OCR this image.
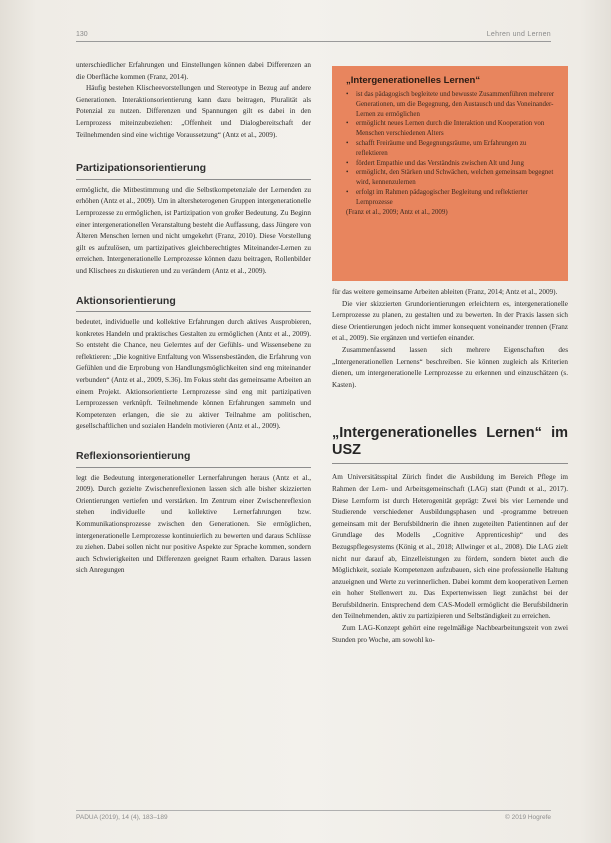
130	Lehren und Lernen

unterschiedlicher Erfahrungen und Einstellungen können dabei Differenzen an die Oberfläche kommen (Franz, 2014).

Häufig bestehen Klischeevorstellungen und Stereotype in Bezug auf andere Generationen. Interaktionsorientierung kann dazu beitragen, Pluralität als Potenzial zu nutzen. Differenzen und Spannungen gilt es dabei in den Lernprozess miteinzubeziehen: „Offenheit und Dialogbereitschaft der Teilnehmenden sind eine wichtige Voraussetzung“ (Antz et al., 2009).

Partizipationsorientierung

ermöglicht, die Mitbestimmung und die Selbstkompetenziale der Lernenden zu erhöhen (Antz et al., 2009). Um in altersheterogenen Gruppen intergenerationelle Lernprozesse zu ermöglichen, ist Partizipation von großer Bedeutung. Zu Beginn einer intergenerationellen Veranstaltung besteht die Auffassung, dass Jüngere von Älteren Menschen lernen und nicht umgekehrt (Franz, 2010). Diese Vorstellung gilt es aufzulösen, um partizipatives gleichberechtigtes Miteinander-Lernen zu erreichen. Intergenerationelle Lernprozesse können dazu beitragen, Rollenbilder und Klischees zu diskutieren und zu verändern (Antz et al., 2009).

Aktionsorientierung

bedeutet, individuelle und kollektive Erfahrungen durch aktives Ausprobieren, konkretes Handeln und praktisches Gestalten zu ermöglichen (Antz et al., 2009). So entsteht die Chance, neu Gelerntes auf der Gefühls- und Wissensebene zu reflektieren: „Die kognitive Entfaltung von Wissensbeständen, die Erfahrung von Gefühlen und die Erprobung von Handlungsmöglichkeiten sind eng miteinander verbunden“ (Antz et al., 2009, S.36). Im Fokus steht das gemeinsame Arbeiten an einem Projekt. Aktionsorientierte Lernprozesse sind eng mit partizipativen Lernprozessen verknüpft. Teilnehmende können Erfahrungen sammeln und Kompetenzen erlangen, die sie zu aktiver Teilnahme am politischen, gesellschaftlichen und sozialen Handeln motivieren (Antz et al., 2009).

Reflexionsorientierung

legt die Bedeutung intergenerationeller Lernerfahrungen heraus (Antz et al., 2009). Durch gezielte Zwischenreflexionen lassen sich alle bisher skizzierten Orientierungen vertiefen und verstärken. Im Zentrum einer Zwischenreflexion stehen individuelle und kollektive Lernerfahrungen bzw. Kommunikationsprozesse zwischen den Generationen. Sie ermöglichen, intergenerationelle Lernprozesse kontinuierlich zu bewerten und daraus Schlüsse zu ziehen. Dabei sollen nicht nur positive Aspekte zur Sprache kommen, sondern auch Schwierigkeiten und Differenzen geeignet Raum erhalten. Daraus lassen sich Anregungen

„Intergenerationelles Lernen“
• ist das pädagogisch begleitete und bewusste Zusammenführen mehrerer Generationen, um die Begegnung, den Austausch und das Voneinander-Lernen zu ermöglichen
• ermöglicht neues Lernen durch die Interaktion und Kooperation von Menschen verschiedenen Alters
• schafft Freiräume und Begegnungsräume, um Erfahrungen zu reflektieren
• fördert Empathie und das Verständnis zwischen Alt und Jung
• ermöglicht, den Stärken und Schwächen, welchen gemeinsam begegnet wird, kennenzulernen
• erfolgt im Rahmen pädagogischer Begleitung und reflektierter Lernprozesse
(Franz et al., 2009; Antz et al., 2009)

für das weitere gemeinsame Arbeiten ableiten (Franz, 2014; Antz et al., 2009).

Die vier skizzierten Grundorientierungen erleichtern es, intergenerationelle Lernprozesse zu planen, zu gestalten und zu bewerten. In der Praxis lassen sich diese Orientierungen jedoch nicht immer konsequent voneinander trennen (Franz et al., 2009). Sie ergänzen und vertiefen einander.

Zusammenfassend lassen sich mehrere Eigenschaften des „Intergenerationellen Lernens“ beschreiben. Sie können zugleich als Kriterien dienen, um intergenerationelle Lernprozesse zu erkennen und einzuschätzen (s. Kasten).

„Intergenerationelles Lernen“ im USZ

Am Universitätsspital Zürich findet die Ausbildung im Bereich Pflege im Rahmen der Lern- und Arbeitsgemeinschaft (LAG) statt (Pundt et al., 2017). Diese Lernform ist durch Heterogenität geprägt: Zwei bis vier Lernende und Studierende verschiedener Ausbildungsphasen und -programme betreuen gemeinsam mit der Berufsbildnerin die ihnen zugeteilten Patientinnen auf der Grundlage des Modells „Cognitive Apprenticeship“ und des Bezugspflegesystems (König et al., 2018; Allwinger et al., 2008). Die LAG zielt nicht nur darauf ab, Einzelleistungen zu fördern, sondern bietet auch die Möglichkeit, soziale Kompetenzen aufzubauen, sich eine professionelle Haltung anzueignen und Werte zu verinnerlichen. Dabei kommt dem kooperativen Lernen ein hoher Stellenwert zu. Das Expertenwissen liegt zunächst bei der Berufsbildnerin. Entsprechend dem CAS-Modell ermöglicht die Berufsbildnerin den Teilnehmenden, aktiv zu partizipieren und Selbständigkeit zu erreichen.

Zum LAG-Konzept gehört eine regelmäßige Nachbearbeitungszeit von zwei Stunden pro Woche, am sowohl ko-

PADUA (2019), 14 (4), 183–189	© 2019 Hogrefe
